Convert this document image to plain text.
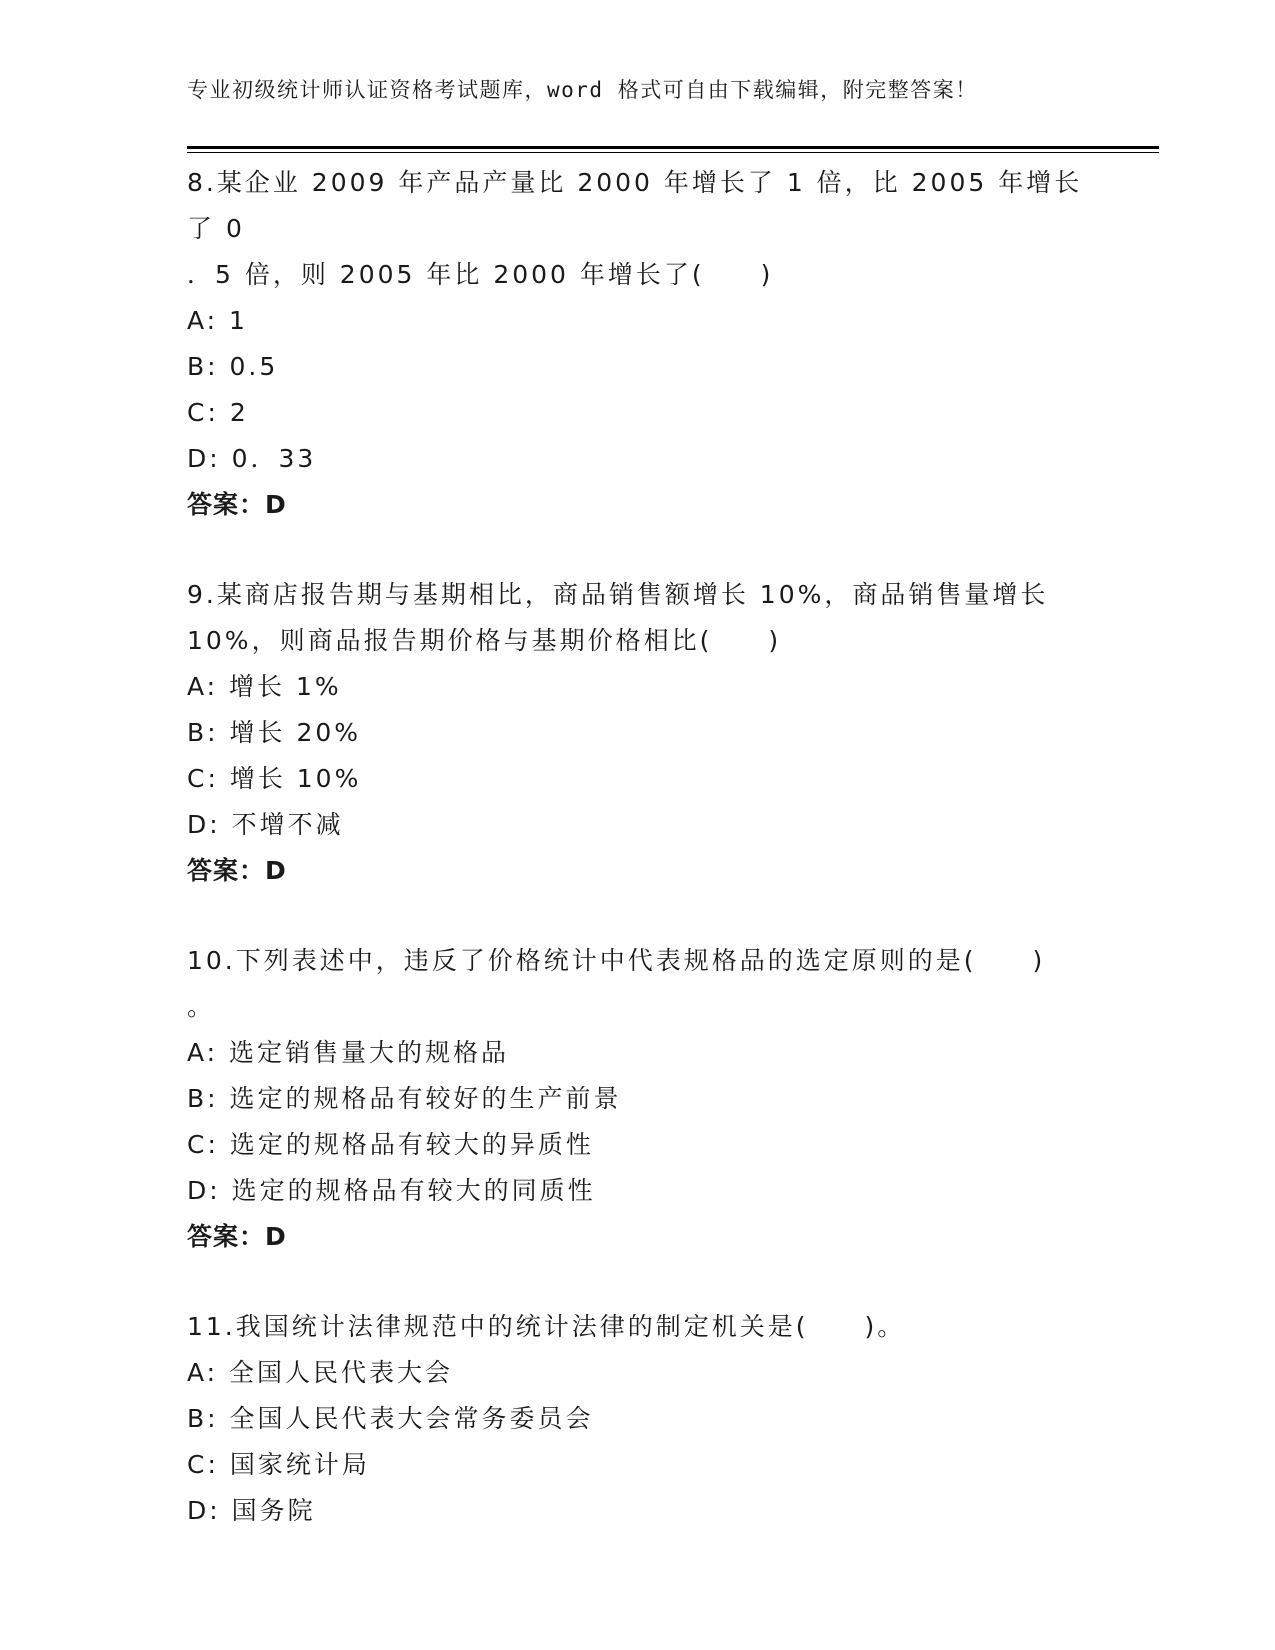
专业初级统计师认证资格考试题库，word 格式可自由下载编辑，附完整答案！
8.某企业 2009 年产品产量比 2000 年增长了 1 倍，比 2005 年增长了 0
．5 倍，则 2005 年比 2000 年增长了(　　)
A: 1
B: 0.5
C: 2
D: 0．33
答案：D
9.某商店报告期与基期相比，商品销售额增长 10%，商品销售量增长
10%，则商品报告期价格与基期价格相比(　　)
A: 增长 1%
B: 增长 20%
C: 增长 10%
D: 不增不减
答案：D
10.下列表述中，违反了价格统计中代表规格品的选定原则的是(　　)
。
A: 选定销售量大的规格品
B: 选定的规格品有较好的生产前景
C: 选定的规格品有较大的异质性
D: 选定的规格品有较大的同质性
答案：D
11.我国统计法律规范中的统计法律的制定机关是(　　)。
A: 全国人民代表大会
B: 全国人民代表大会常务委员会
C: 国家统计局
D: 国务院
